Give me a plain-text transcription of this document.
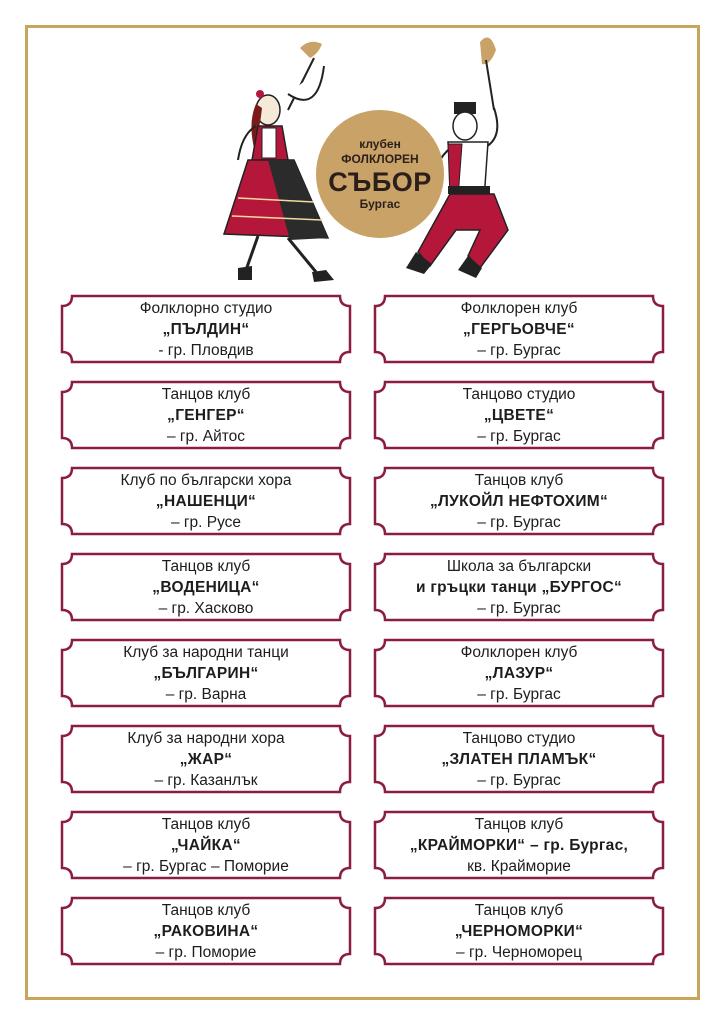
клубен
ФОЛКЛОРЕН
СЪБОР
Бургас
Фолклорно студио
„ПЪЛДИН“
- гр. Пловдив
Танцов клуб
„ГЕНГЕР“
– гр. Айтос
Клуб по български хора
„НАШЕНЦИ“
– гр. Русе
Танцов клуб
„ВОДЕНИЦА“
– гр. Хасково
Клуб за народни танци
„БЪЛГАРИН“
– гр. Варна
Клуб за народни хора
„ЖАР“
– гр. Казанлък
Танцов клуб
„ЧАЙКА“
– гр. Бургас – Поморие
Танцов клуб
„РАКОВИНА“
– гр. Поморие
Фолклорен клуб
„ГЕРГЬОВЧЕ“
– гр. Бургас
Танцово студио
„ЦВЕТЕ“
– гр. Бургас
Танцов клуб
„ЛУКОЙЛ НЕФТОХИМ“
– гр. Бургас
Школа за български
и гръцки танци „БУРГОС“
– гр. Бургас
Фолклорен клуб
„ЛАЗУР“
– гр. Бургас
Танцово студио
„ЗЛАТЕН ПЛАМЪК“
– гр. Бургас
Танцов клуб
„КРАЙМОРКИ“ – гр. Бургас,
кв. Крайморие
Танцов клуб
„ЧЕРНОМОРКИ“
– гр. Черноморец
